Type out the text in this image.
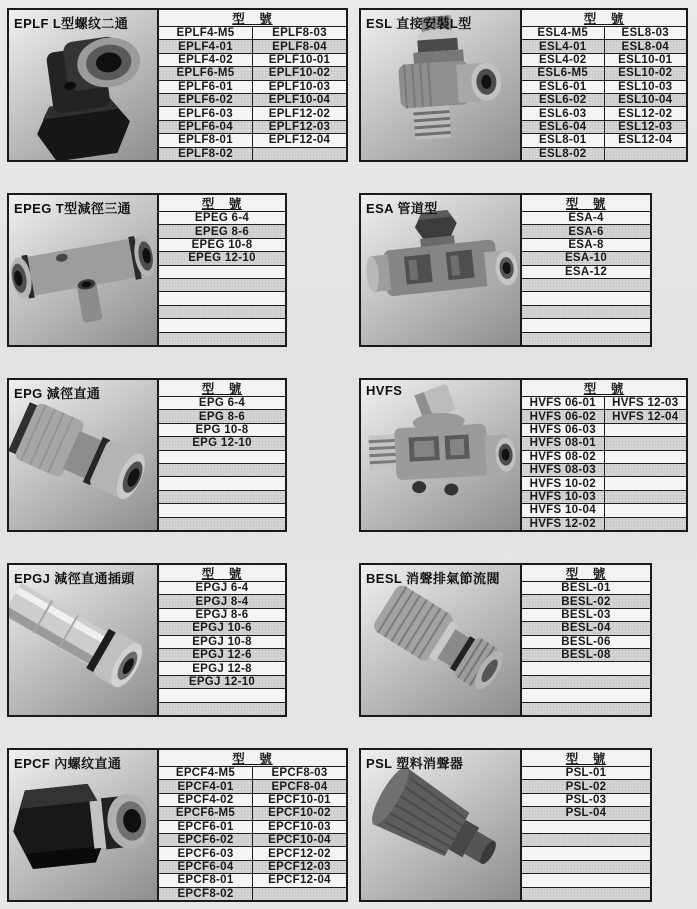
EPLF L型螺纹二通	型   號
EPLF4-M5	EPLF8-03
EPLF4-01	EPLF8-04
EPLF4-02	EPLF10-01
EPLF6-M5	EPLF10-02
EPLF6-01	EPLF10-03
EPLF6-02	EPLF10-04
EPLF6-03	EPLF12-02
EPLF6-04	EPLF12-03
EPLF8-01	EPLF12-04
EPLF8-02
ESL 直接安裝L型	型   號
ESL4-M5	ESL8-03
ESL4-01	ESL8-04
ESL4-02	ESL10-01
ESL6-M5	ESL10-02
ESL6-01	ESL10-03
ESL6-02	ESL10-04
ESL6-03	ESL12-02
ESL6-04	ESL12-03
ESL8-01	ESL12-04
ESL8-02
EPEG T型減徑三通	型   號
EPEG 6-4
EPEG 8-6
EPEG 10-8
EPEG 12-10
ESA 管道型	型   號
ESA-4
ESA-6
ESA-8
ESA-10
ESA-12
EPG 減徑直通	型   號
EPG 6-4
EPG 8-6
EPG 10-8
EPG 12-10
HVFS	型   號
HVFS 06-01	HVFS 12-03
HVFS 06-02	HVFS 12-04
HVFS 06-03
HVFS 08-01
HVFS 08-02
HVFS 08-03
HVFS 10-02
HVFS 10-03
HVFS 10-04
HVFS 12-02
EPGJ 減徑直通插頭	型   號
EPGJ 6-4
EPGJ 8-4
EPGJ 8-6
EPGJ 10-6
EPGJ 10-8
EPGJ 12-6
EPGJ 12-8
EPGJ 12-10
BESL 消聲排氣節流閥	型   號
BESL-01
BESL-02
BESL-03
BESL-04
BESL-06
BESL-08
EPCF 內螺纹直通	型   號
EPCF4-M5	EPCF8-03
EPCF4-01	EPCF8-04
EPCF4-02	EPCF10-01
EPCF6-M5	EPCF10-02
EPCF6-01	EPCF10-03
EPCF6-02	EPCF10-04
EPCF6-03	EPCF12-02
EPCF6-04	EPCF12-03
EPCF8-01	EPCF12-04
EPCF8-02
PSL 塑料消聲器	型   號
PSL-01
PSL-02
PSL-03
PSL-04
